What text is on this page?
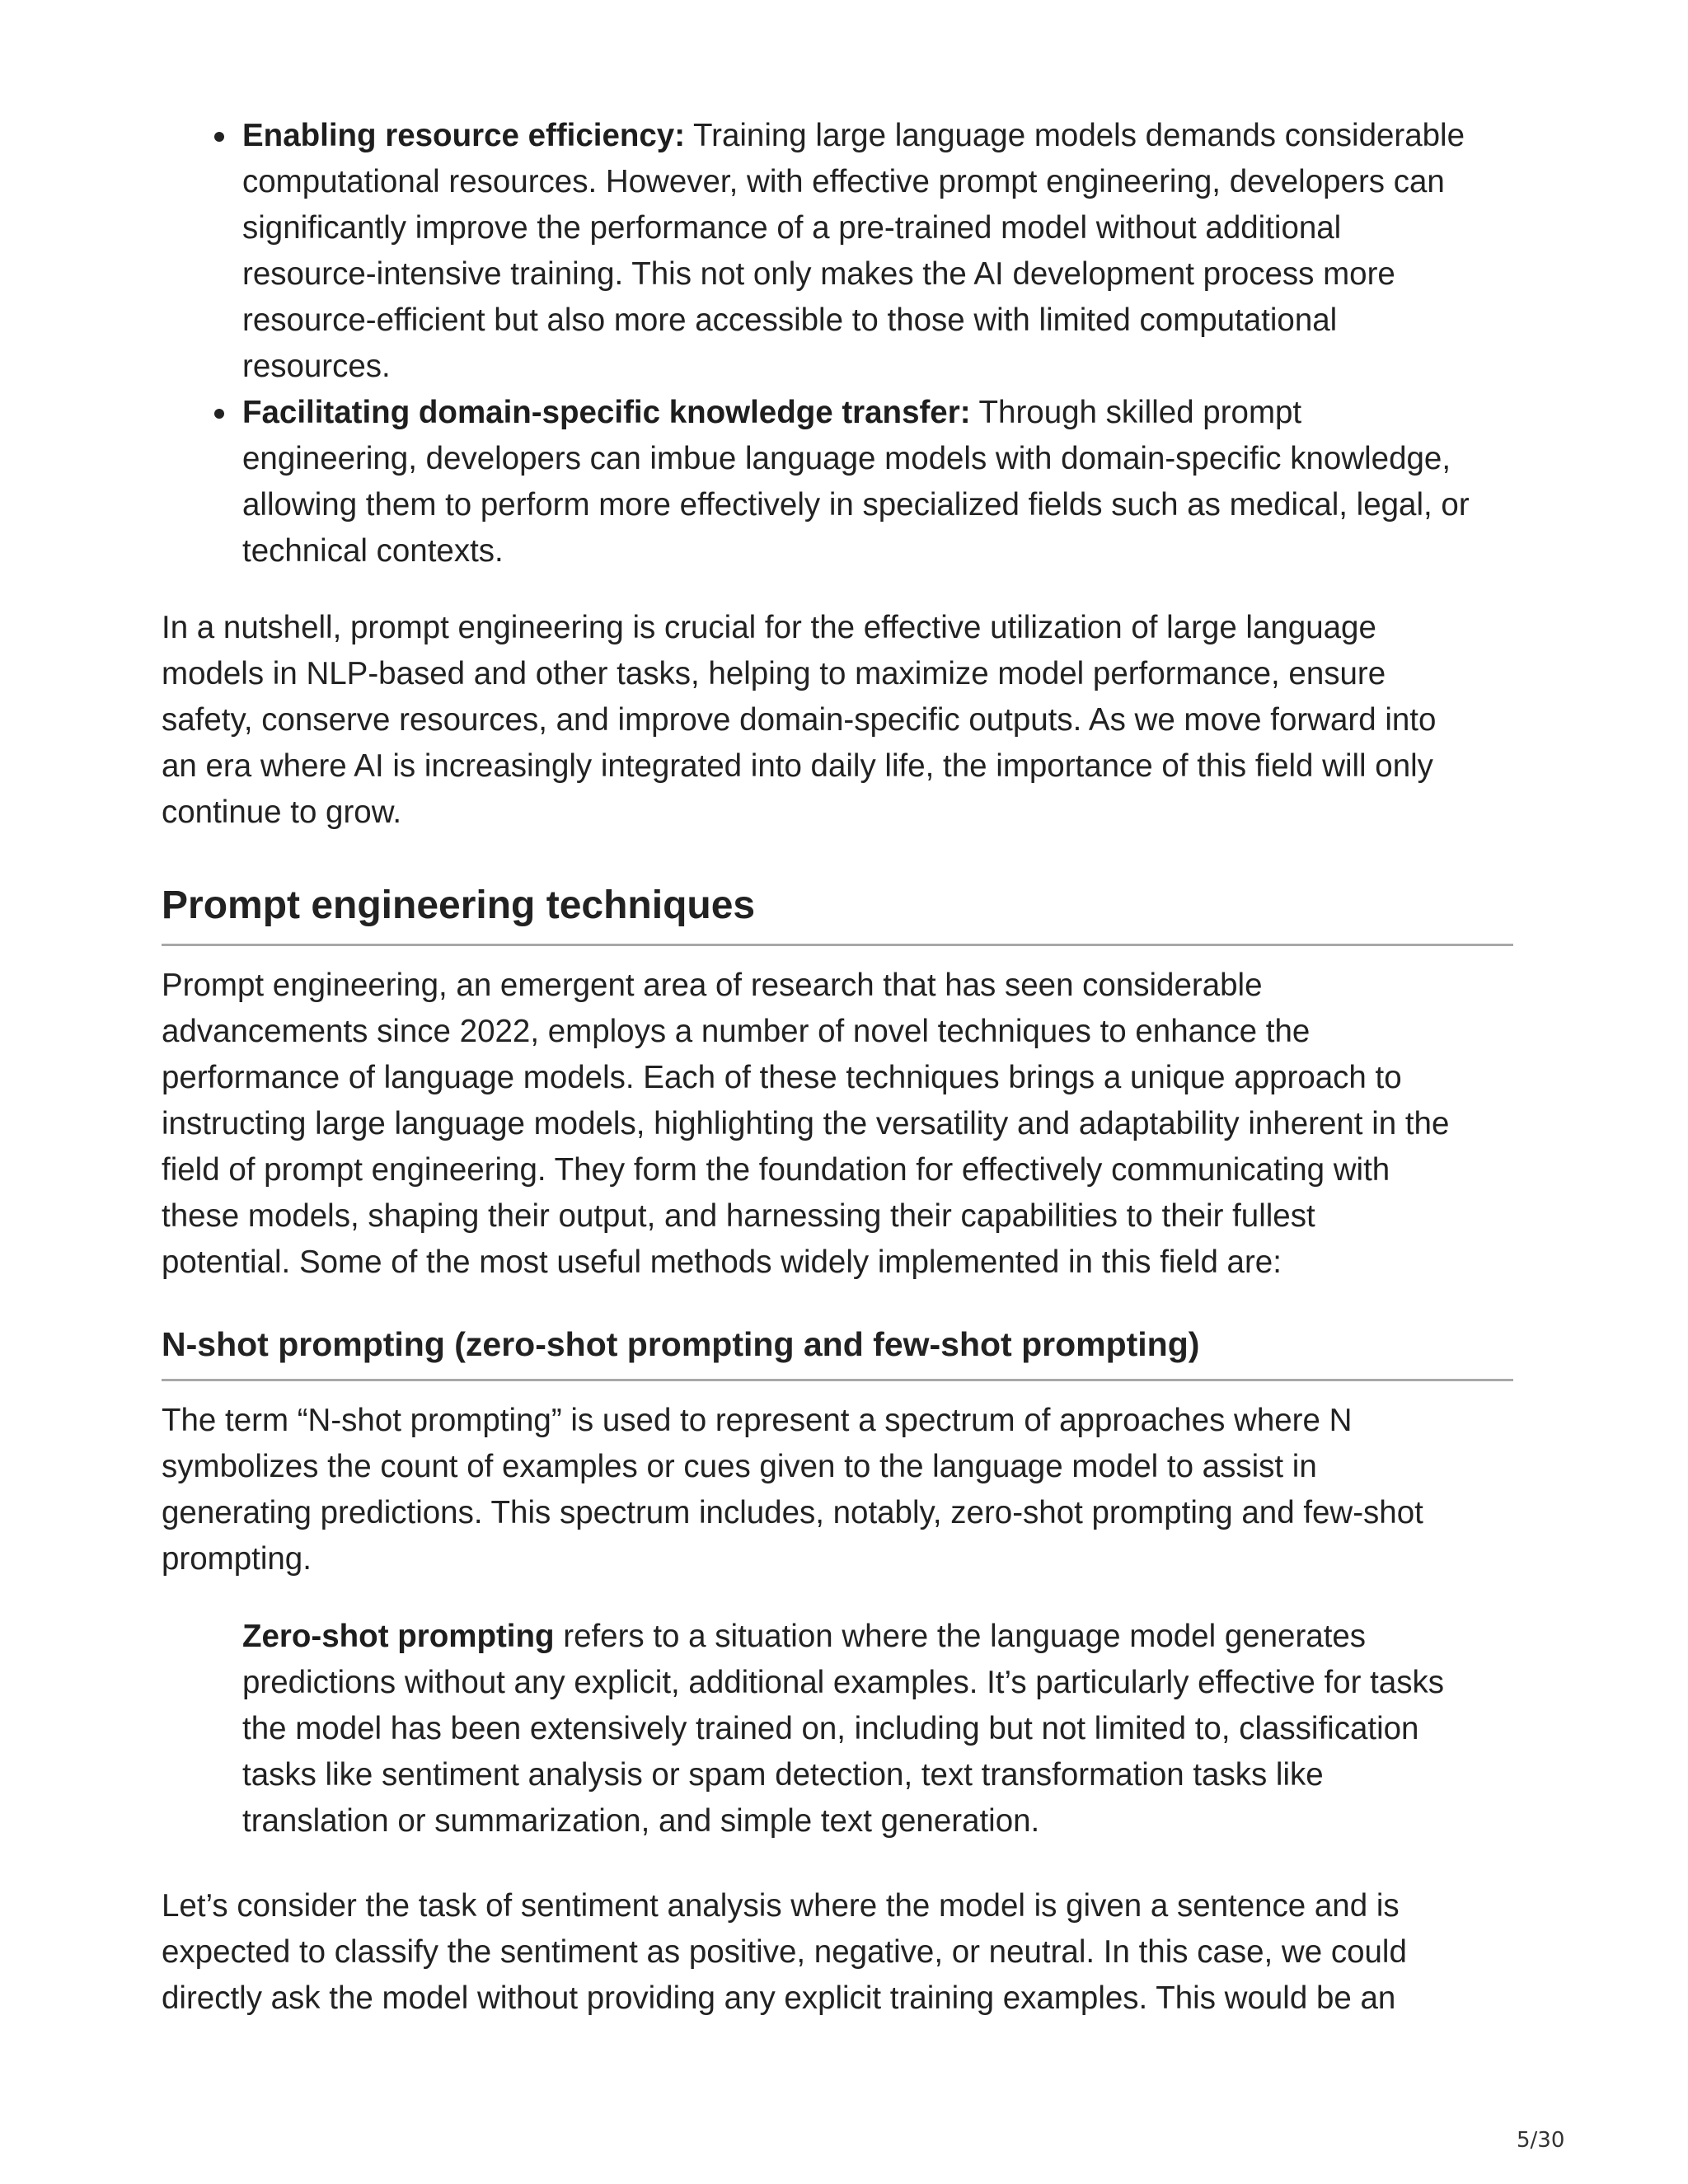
Enabling resource efficiency: Training large language models demands considerable
computational resources. However, with effective prompt engineering, developers can
significantly improve the performance of a pre-trained model without additional
resource-intensive training. This not only makes the AI development process more
resource-efficient but also more accessible to those with limited computational
resources.

Facilitating domain-specific knowledge transfer: Through skilled prompt
engineering, developers can imbue language models with domain-specific knowledge,
allowing them to perform more effectively in specialized fields such as medical, legal, or
technical contexts.

In a nutshell, prompt engineering is crucial for the effective utilization of large language
models in NLP-based and other tasks, helping to maximize model performance, ensure
safety, conserve resources, and improve domain-specific outputs. As we move forward into
an era where AI is increasingly integrated into daily life, the importance of this field will only
continue to grow.

Prompt engineering techniques

Prompt engineering, an emergent area of research that has seen considerable
advancements since 2022, employs a number of novel techniques to enhance the
performance of language models. Each of these techniques brings a unique approach to
instructing large language models, highlighting the versatility and adaptability inherent in the
field of prompt engineering. They form the foundation for effectively communicating with
these models, shaping their output, and harnessing their capabilities to their fullest
potential. Some of the most useful methods widely implemented in this field are:

N-shot prompting (zero-shot prompting and few-shot prompting)

The term “N-shot prompting” is used to represent a spectrum of approaches where N
symbolizes the count of examples or cues given to the language model to assist in
generating predictions. This spectrum includes, notably, zero-shot prompting and few-shot
prompting.

Zero-shot prompting refers to a situation where the language model generates
predictions without any explicit, additional examples. It’s particularly effective for tasks
the model has been extensively trained on, including but not limited to, classification
tasks like sentiment analysis or spam detection, text transformation tasks like
translation or summarization, and simple text generation.

Let’s consider the task of sentiment analysis where the model is given a sentence and is
expected to classify the sentiment as positive, negative, or neutral. In this case, we could
directly ask the model without providing any explicit training examples. This would be an

5/30
